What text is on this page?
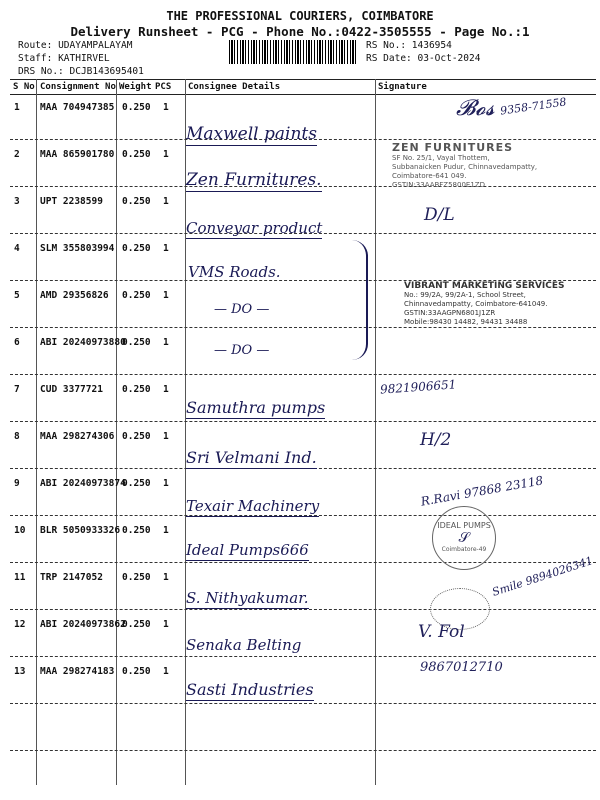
THE PROFESSIONAL COURIERS, COIMBATORE
Delivery Runsheet - PCG - Phone No.:0422-3505555 - Page No.:1
Route: UDAYAMPALAYAM
Staff: KATHIRVEL
DRS No.: DCJB143695401
RS No.: 1436954
RS Date: 03-Oct-2024
S No Consignment No Weight PCS Consignee Details	Signature
1 MAA 704947385 0.250 1
2 MAA 865901780 0.250 1
3 UPT 2238599 0.250 1
4 SLM 355803994 0.250 1
5 AMD 29356826 0.250 1
6 ABI 20240973880
0.250 1
7 CUD 3377721 0.250 1
8 MAA 298274306 0.250 1
9 ABI 20240973874
0.250 1
10 BLR 5050933326 0.250 1
11 TRP 2147052 0.250 1
12 ABI 20240973862
0.250 1
13 MAA 298274183 0.250 1
Maxwell paints
Zen Furnitures.
Conveyar product
VMS Roads.
— DO —
— DO —
Samuthra pumps
Sri Velmani Ind.
Texair Machinery
Ideal Pumps666
S. Nithyakumar.
Senaka Belting
Sasti Industries
𝓑𝓸𝓼 9358-71558
ZEN FURNITURES
SF No. 25/1, Vayal Thottem,
Subbanaicken Pudur, Chinnavedampatty,
Coimbatore-641 049.
GSTIN:33AABFZ5800E1ZD
D/L
VIBRANT MARKETING SERVICES
No.: 99/2A, 99/2A-1, School Street,
Chinnavedampatty, Coimbatore-641049.
GSTIN:33AAGPN6801J1ZR
Mobile:98430 14482, 94431 34488
9821906651
H/2
R.Ravi 97868 23118
IDEAL PUMPS
𝒮
Coimbatore-49
Smile 9894026341
V. Fol
9867012710
